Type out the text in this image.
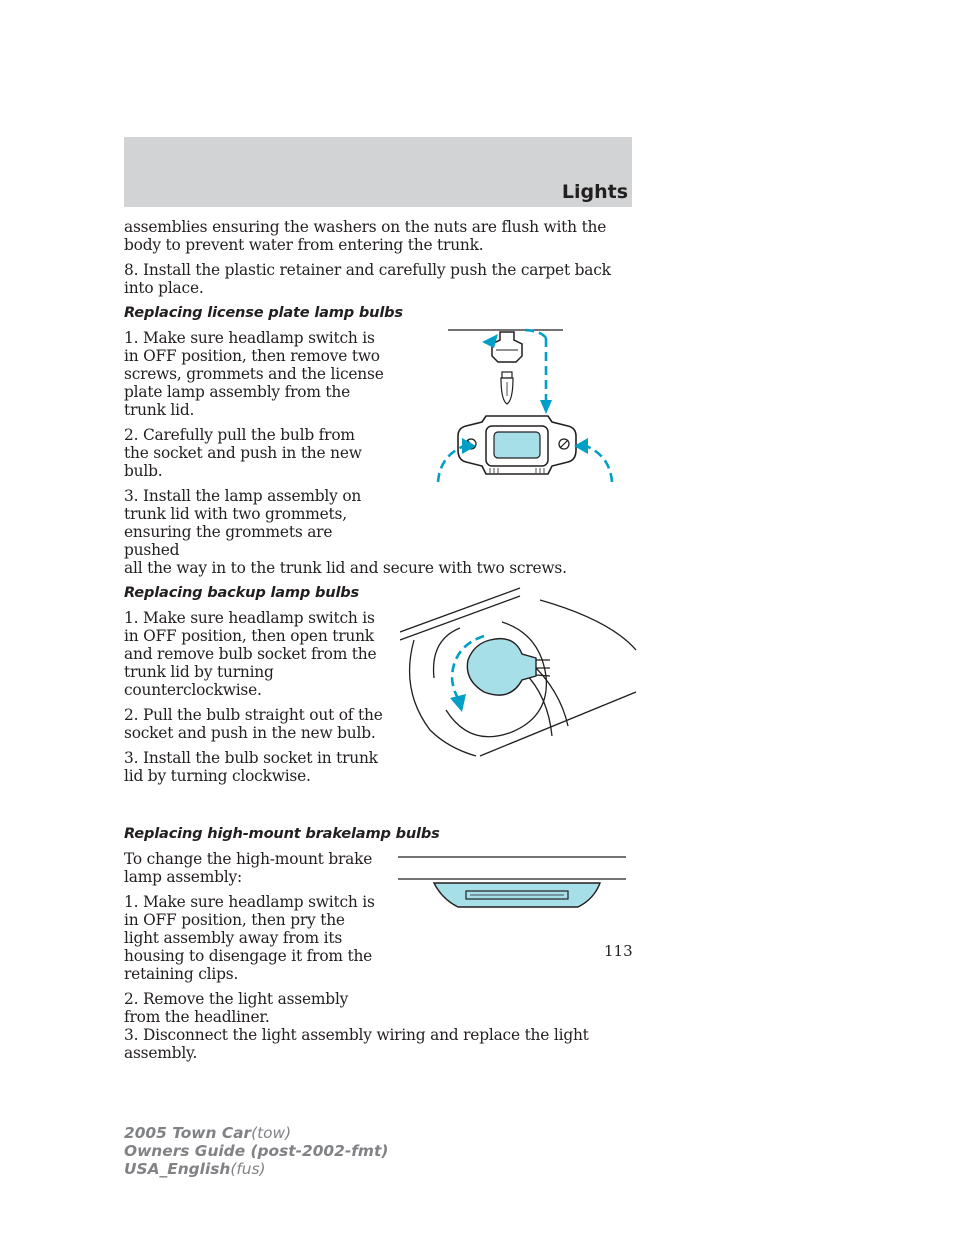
Lights

assemblies ensuring the washers on the nuts are flush with the body to prevent water from entering the trunk.

8. Install the plastic retainer and carefully push the carpet back into place.

Replacing license plate lamp bulbs

1. Make sure headlamp switch is in OFF position, then remove two screws, grommets and the license plate lamp assembly from the trunk lid.

2. Carefully pull the bulb from the socket and push in the new bulb.

3. Install the lamp assembly on trunk lid with two grommets, ensuring the grommets are pushed

all the way in to the trunk lid and secure with two screws.

Replacing backup lamp bulbs

1. Make sure headlamp switch is in OFF position, then open trunk and remove bulb socket from the trunk lid by turning counterclockwise.

2. Pull the bulb straight out of the socket and push in the new bulb.

3. Install the bulb socket in trunk lid by turning clockwise.

Replacing high-mount brakelamp bulbs

To change the high-mount brake lamp assembly:

1. Make sure headlamp switch is in OFF position, then pry the light assembly away from its housing to disengage it from the retaining clips.

2. Remove the light assembly from the headliner.

3. Disconnect the light assembly wiring and replace the light assembly.

113
2005 Town Car(tow)
Owners Guide (post-2002-fmt)
USA_English(fus)
